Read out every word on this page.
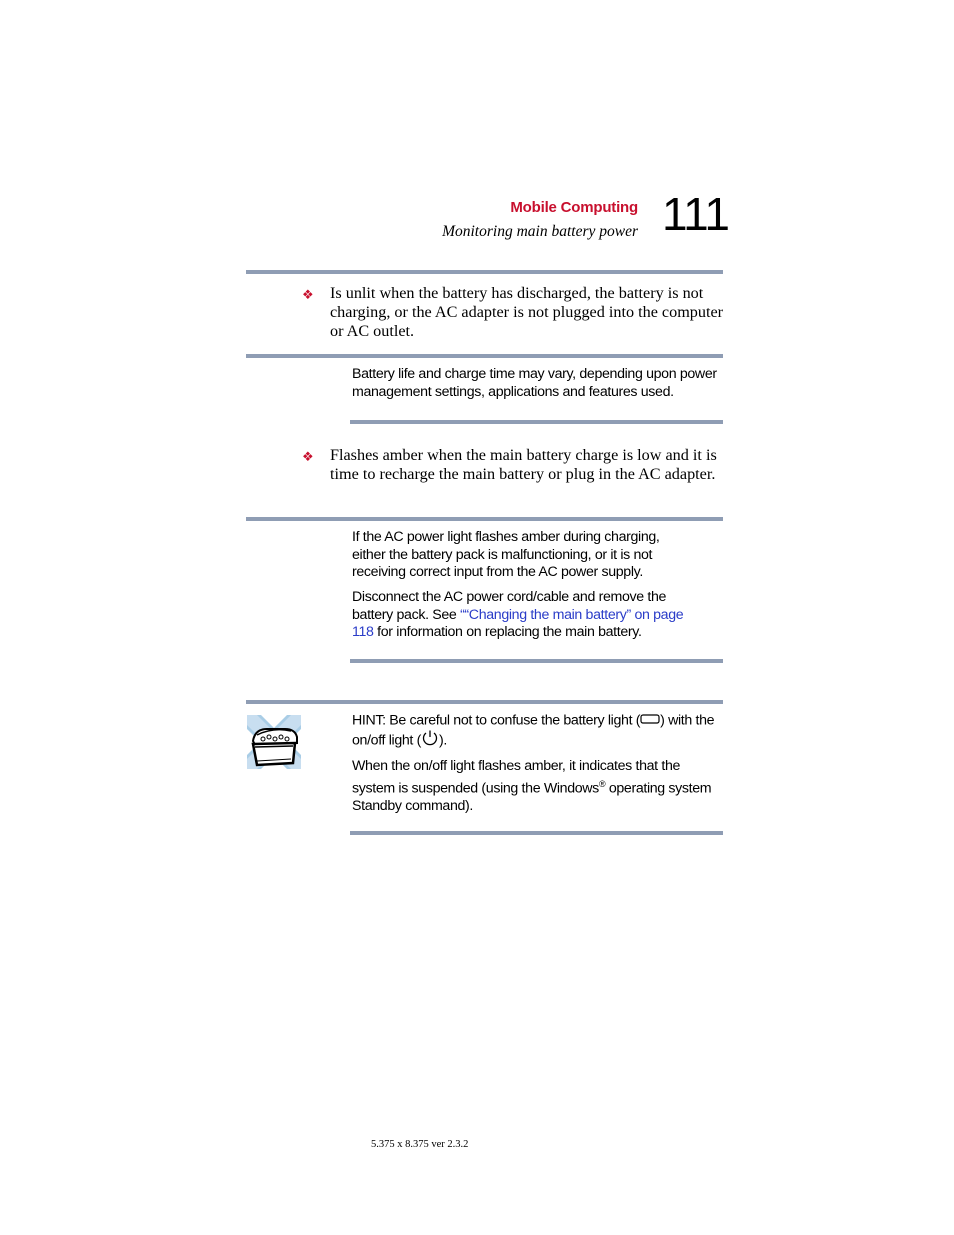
Mobile Computing
Monitoring main battery power 111
❖ Is unlit when the battery has discharged, the battery is not charging, or the AC adapter is not plugged into the computer or AC outlet.
Battery life and charge time may vary, depending upon power management settings, applications and features used.
❖ Flashes amber when the main battery charge is low and it is time to recharge the main battery or plug in the AC adapter.
If the AC power light flashes amber during charging, either the battery pack is malfunctioning, or it is not receiving correct input from the AC power supply.
Disconnect the AC power cord/cable and remove the battery pack. See ““Changing the main battery” on page 118 for information on replacing the main battery.
HINT: Be careful not to confuse the battery light ( ) with the on/off light ( ).
When the on/off light flashes amber, it indicates that the system is suspended (using the Windows® operating system Standby command).
5.375 x 8.375 ver 2.3.2
